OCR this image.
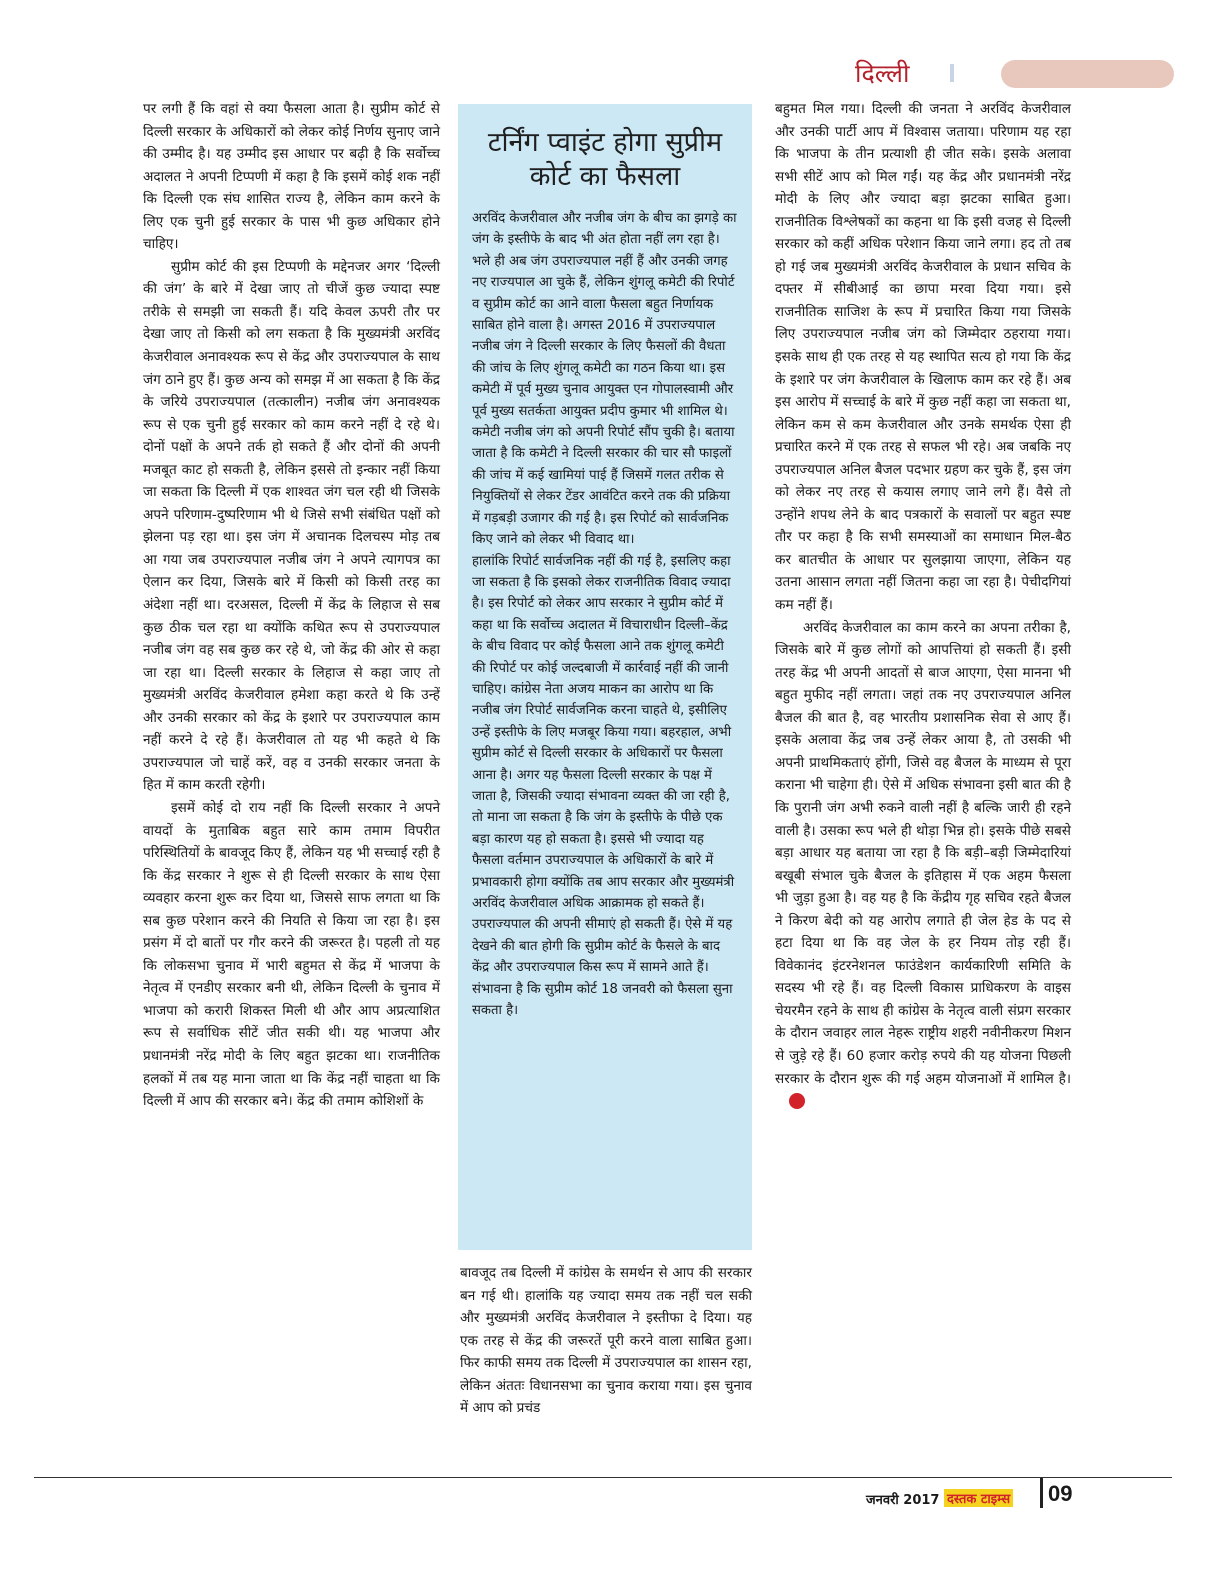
दिल्ली

पर लगी हैं कि वहां से क्या फैसला आता है। सुप्रीम कोर्ट से दिल्ली सरकार के अधिकारों को लेकर कोई निर्णय सुनाए जाने की उम्मीद है। यह उम्मीद इस आधार पर बढ़ी है कि सर्वोच्च अदालत ने अपनी टिप्पणी में कहा है कि इसमें कोई शक नहीं कि दिल्ली एक संघ शासित राज्य है, लेकिन काम करने के लिए एक चुनी हुई सरकार के पास भी कुछ अधिकार होने चाहिए।

सुप्रीम कोर्ट की इस टिप्पणी के मद्देनजर अगर ‘दिल्ली की जंग’ के बारे में देखा जाए तो चीजें कुछ ज्यादा स्पष्ट तरीके से समझी जा सकती हैं। यदि केवल ऊपरी तौर पर देखा जाए तो किसी को लग सकता है कि मुख्यमंत्री अरविंद केजरीवाल अनावश्यक रूप से केंद्र और उपराज्यपाल के साथ जंग ठाने हुए हैं। कुछ अन्य को समझ में आ सकता है कि केंद्र के जरिये उपराज्यपाल (तत्कालीन) नजीब जंग अनावश्यक रूप से एक चुनी हुई सरकार को काम करने नहीं दे रहे थे। दोनों पक्षों के अपने तर्क हो सकते हैं और दोनों की अपनी मजबूत काट हो सकती है, लेकिन इससे तो इन्कार नहीं किया जा सकता कि दिल्ली में एक शाश्वत जंग चल रही थी जिसके अपने परिणाम-दुष्परिणाम भी थे जिसे सभी संबंधित पक्षों को झेलना पड़ रहा था। इस जंग में अचानक दिलचस्प मोड़ तब आ गया जब उपराज्यपाल नजीब जंग ने अपने त्यागपत्र का ऐलान कर दिया, जिसके बारे में किसी को किसी तरह का अंदेशा नहीं था। दरअसल, दिल्ली में केंद्र के लिहाज से सब कुछ ठीक चल रहा था क्योंकि कथित रूप से उपराज्यपाल नजीब जंग वह सब कुछ कर रहे थे, जो केंद्र की ओर से कहा जा रहा था। दिल्ली सरकार के लिहाज से कहा जाए तो मुख्यमंत्री अरविंद केजरीवाल हमेशा कहा करते थे कि उन्हें और उनकी सरकार को केंद्र के इशारे पर उपराज्यपाल काम नहीं करने दे रहे हैं। केजरीवाल तो यह भी कहते थे कि उपराज्यपाल जो चाहें करें, वह व उनकी सरकार जनता के हित में काम करती रहेगी।

इसमें कोई दो राय नहीं कि दिल्ली सरकार ने अपने वायदों के मुताबिक बहुत सारे काम तमाम विपरीत परिस्थितियों के बावजूद किए हैं, लेकिन यह भी सच्चाई रही है कि केंद्र सरकार ने शुरू से ही दिल्ली सरकार के साथ ऐसा व्यवहार करना शुरू कर दिया था, जिससे साफ लगता था कि सब कुछ परेशान करने की नियति से किया जा रहा है। इस प्रसंग में दो बातों पर गौर करने की जरूरत है। पहली तो यह कि लोकसभा चुनाव में भारी बहुमत से केंद्र में भाजपा के नेतृत्व में एनडीए सरकार बनी थी, लेकिन दिल्ली के चुनाव में भाजपा को करारी शिकस्त मिली थी और आप अप्रत्याशित रूप से सर्वाधिक सीटें जीत सकी थी। यह भाजपा और प्रधानमंत्री नरेंद्र मोदी के लिए बहुत झटका था। राजनीतिक हलकों में तब यह माना जाता था कि केंद्र नहीं चाहता था कि दिल्ली में आप की सरकार बने। केंद्र की तमाम कोशिशों के

टर्निंग प्वाइंट होगा सुप्रीम कोर्ट का फैसला

अरविंद केजरीवाल और नजीब जंग के बीच का झगड़े का जंग के इस्तीफे के बाद भी अंत होता नहीं लग रहा है। भले ही अब जंग उपराज्यपाल नहीं हैं और उनकी जगह नए राज्यपाल आ चुके हैं, लेकिन शुंगलू कमेटी की रिपोर्ट व सुप्रीम कोर्ट का आने वाला फैसला बहुत निर्णायक साबित होने वाला है। अगस्त 2016 में उपराज्यपाल नजीब जंग ने दिल्ली सरकार के लिए फैसलों की वैधता की जांच के लिए शुंगलू कमेटी का गठन किया था। इस कमेटी में पूर्व मुख्य चुनाव आयुक्त एन गोपालस्वामी और पूर्व मुख्य सतर्कता आयुक्त प्रदीप कुमार भी शामिल थे। कमेटी नजीब जंग को अपनी रिपोर्ट सौंप चुकी है। बताया जाता है कि कमेटी ने दिल्ली सरकार की चार सौ फाइलों की जांच में कई खामियां पाई हैं जिसमें गलत तरीक से नियुक्तियों से लेकर टेंडर आवंटित करने तक की प्रक्रिया में गड़बड़ी उजागर की गई है। इस रिपोर्ट को सार्वजनिक किए जाने को लेकर भी विवाद था।

हालांकि रिपोर्ट सार्वजनिक नहीं की गई है, इसलिए कहा जा सकता है कि इसको लेकर राजनीतिक विवाद ज्यादा है। इस रिपोर्ट को लेकर आप सरकार ने सुप्रीम कोर्ट में कहा था कि सर्वोच्च अदालत में विचाराधीन दिल्ली–केंद्र के बीच विवाद पर कोई फैसला आने तक शुंगलू कमेटी की रिपोर्ट पर कोई जल्दबाजी में कार्रवाई नहीं की जानी चाहिए। कांग्रेस नेता अजय माकन का आरोप था कि नजीब जंग रिपोर्ट सार्वजनिक करना चाहते थे, इसीलिए उन्हें इस्तीफे के लिए मजबूर किया गया। बहरहाल, अभी सुप्रीम कोर्ट से दिल्ली सरकार के अधिकारों पर फैसला आना है। अगर यह फैसला दिल्ली सरकार के पक्ष में जाता है, जिसकी ज्यादा संभावना व्यक्त की जा रही है, तो माना जा सकता है कि जंग के इस्तीफे के पीछे एक बड़ा कारण यह हो सकता है। इससे भी ज्यादा यह फैसला वर्तमान उपराज्यपाल के अधिकारों के बारे में प्रभावकारी होगा क्योंकि तब आप सरकार और मुख्यमंत्री अरविंद केजरीवाल अधिक आक्रामक हो सकते हैं। उपराज्यपाल की अपनी सीमाएं हो सकती हैं। ऐसे में यह देखने की बात होगी कि सुप्रीम कोर्ट के फैसले के बाद केंद्र और उपराज्यपाल किस रूप में सामने आते हैं। संभावना है कि सुप्रीम कोर्ट 18 जनवरी को फैसला सुना सकता है।

बावजूद तब दिल्ली में कांग्रेस के समर्थन से आप की सरकार बन गई थी। हालांकि यह ज्यादा समय तक नहीं चल सकी और मुख्यमंत्री अरविंद केजरीवाल ने इस्तीफा दे दिया। यह एक तरह से केंद्र की जरूरतें पूरी करने वाला साबित हुआ। फिर काफी समय तक दिल्ली में उपराज्यपाल का शासन रहा, लेकिन अंततः विधानसभा का चुनाव कराया गया। इस चुनाव में आप को प्रचंड

बहुमत मिल गया। दिल्ली की जनता ने अरविंद केजरीवाल और उनकी पार्टी आप में विश्वास जताया। परिणाम यह रहा कि भाजपा के तीन प्रत्याशी ही जीत सके। इसके अलावा सभी सीटें आप को मिल गईं। यह केंद्र और प्रधानमंत्री नरेंद्र मोदी के लिए और ज्यादा बड़ा झटका साबित हुआ। राजनीतिक विश्लेषकों का कहना था कि इसी वजह से दिल्ली सरकार को कहीं अधिक परेशान किया जाने लगा। हद तो तब हो गई जब मुख्यमंत्री अरविंद केजरीवाल के प्रधान सचिव के दफ्तर में सीबीआई का छापा मरवा दिया गया। इसे राजनीतिक साजिश के रूप में प्रचारित किया गया जिसके लिए उपराज्यपाल नजीब जंग को जिम्मेदार ठहराया गया। इसके साथ ही एक तरह से यह स्थापित सत्य हो गया कि केंद्र के इशारे पर जंग केजरीवाल के खिलाफ काम कर रहे हैं। अब इस आरोप में सच्चाई के बारे में कुछ नहीं कहा जा सकता था, लेकिन कम से कम केजरीवाल और उनके समर्थक ऐसा ही प्रचारित करने में एक तरह से सफल भी रहे। अब जबकि नए उपराज्यपाल अनिल बैजल पदभार ग्रहण कर चुके हैं, इस जंग को लेकर नए तरह से कयास लगाए जाने लगे हैं। वैसे तो उन्होंने शपथ लेने के बाद पत्रकारों के सवालों पर बहुत स्पष्ट तौर पर कहा है कि सभी समस्याओं का समाधान मिल-बैठ कर बातचीत के आधार पर सुलझाया जाएगा, लेकिन यह उतना आसान लगता नहीं जितना कहा जा रहा है। पेचीदगियां कम नहीं हैं।

अरविंद केजरीवाल का काम करने का अपना तरीका है, जिसके बारे में कुछ लोगों को आपत्तियां हो सकती हैं। इसी तरह केंद्र भी अपनी आदतों से बाज आएगा, ऐसा मानना भी बहुत मुफीद नहीं लगता। जहां तक नए उपराज्यपाल अनिल बैजल की बात है, वह भारतीय प्रशासनिक सेवा से आए हैं। इसके अलावा केंद्र जब उन्हें लेकर आया है, तो उसकी भी अपनी प्राथमिकताएं होंगी, जिसे वह बैजल के माध्यम से पूरा कराना भी चाहेगा ही। ऐसे में अधिक संभावना इसी बात की है कि पुरानी जंग अभी रुकने वाली नहीं है बल्कि जारी ही रहने वाली है। उसका रूप भले ही थोड़ा भिन्न हो। इसके पीछे सबसे बड़ा आधार यह बताया जा रहा है कि बड़ी–बड़ी जिम्मेदारियां बखूबी संभाल चुके बैजल के इतिहास में एक अहम फैसला भी जुड़ा हुआ है। वह यह है कि केंद्रीय गृह सचिव रहते बैजल ने किरण बेदी को यह आरोप लगाते ही जेल हेड के पद से हटा दिया था कि वह जेल के हर नियम तोड़ रही हैं। विवेकानंद इंटरनेशनल फाउंडेशन कार्यकारिणी समिति के सदस्य भी रहे हैं। वह दिल्ली विकास प्राधिकरण के वाइस चेयरमैन रहने के साथ ही कांग्रेस के नेतृत्व वाली संप्रग सरकार के दौरान जवाहर लाल नेहरू राष्ट्रीय शहरी नवीनीकरण मिशन से जुड़े रहे हैं। 60 हजार करोड़ रुपये की यह योजना पिछली सरकार के दौरान शुरू की गई अहम योजनाओं में शामिल है।

जनवरी 2017 दस्तक टाइम्स 09
